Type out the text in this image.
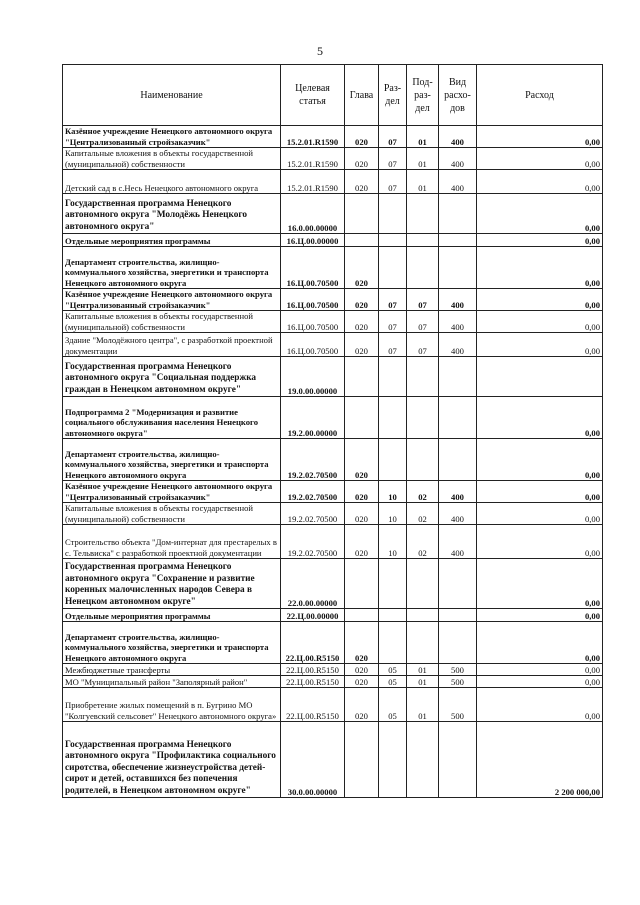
5
Наименование	Целевая статья	Глава	Раз-дел	Под-раз-дел	Вид расхо-дов	Расход
Казённое учреждение Ненецкого автономного округа "Централизованный стройзаказчик"	15.2.01.R1590	020	07	01	400	0,00
Капитальные вложения в объекты государственной (муниципальной) собственности	15.2.01.R1590	020	07	01	400	0,00
Детский сад в с.Несь Ненецкого автономного округа	15.2.01.R1590	020	07	01	400	0,00
Государственная программа Ненецкого автономного округа "Молодёжь Ненецкого автономного округа"	16.0.00.00000					0,00
Отдельные мероприятия программы	16.Ц.00.00000					0,00
Департамент строительства, жилищно-коммунального хозяйства, энергетики и транспорта Ненецкого автономного округа	16.Ц.00.70500	020				0,00
Казённое учреждение Ненецкого автономного округа "Централизованный стройзаказчик"	16.Ц.00.70500	020	07	07	400	0,00
Капитальные вложения в объекты государственной (муниципальной) собственности	16.Ц.00.70500	020	07	07	400	0,00
Здание "Молодёжного центра", с разработкой проектной документации	16.Ц.00.70500	020	07	07	400	0,00
Государственная программа Ненецкого автономного округа "Социальная поддержка граждан в Ненецком автономном округе"	19.0.00.00000					
Подпрограмма 2 "Модернизация и развитие социального обслуживания населения Ненецкого автономного округа"	19.2.00.00000					0,00
Департамент строительства, жилищно-коммунального хозяйства, энергетики и транспорта Ненецкого автономного округа	19.2.02.70500	020				0,00
Казённое учреждение Ненецкого автономного округа "Централизованный стройзаказчик"	19.2.02.70500	020	10	02	400	0,00
Капитальные вложения в объекты государственной (муниципальной) собственности	19.2.02.70500	020	10	02	400	0,00
Строительство объекта "Дом-интернат для престарелых в с. Тельвиска" с разработкой проектной документации	19.2.02.70500	020	10	02	400	0,00
Государственная программа Ненецкого автономного округа "Сохранение и развитие коренных малочисленных народов Севера в Ненецком автономном округе"	22.0.00.00000					0,00
Отдельные мероприятия программы	22.Ц.00.00000					0,00
Департамент строительства, жилищно-коммунального хозяйства, энергетики и транспорта Ненецкого автономного округа	22.Ц.00.R5150	020				0,00
Межбюджетные трансферты	22.Ц.00.R5150	020	05	01	500	0,00
МО "Муниципальный район "Заполярный район"	22.Ц.00.R5150	020	05	01	500	0,00
Приобретение жилых помещений в п. Бугрино МО "Колгуевский сельсовет" Ненецкого автономного округа»	22.Ц.00.R5150	020	05	01	500	0,00
Государственная программа Ненецкого автономного округа "Профилактика социального сиротства, обеспечение жизнеустройства детей-сирот и детей, оставшихся без попечения родителей, в Ненецком автономном округе"	30.0.00.00000					2 200 000,00
